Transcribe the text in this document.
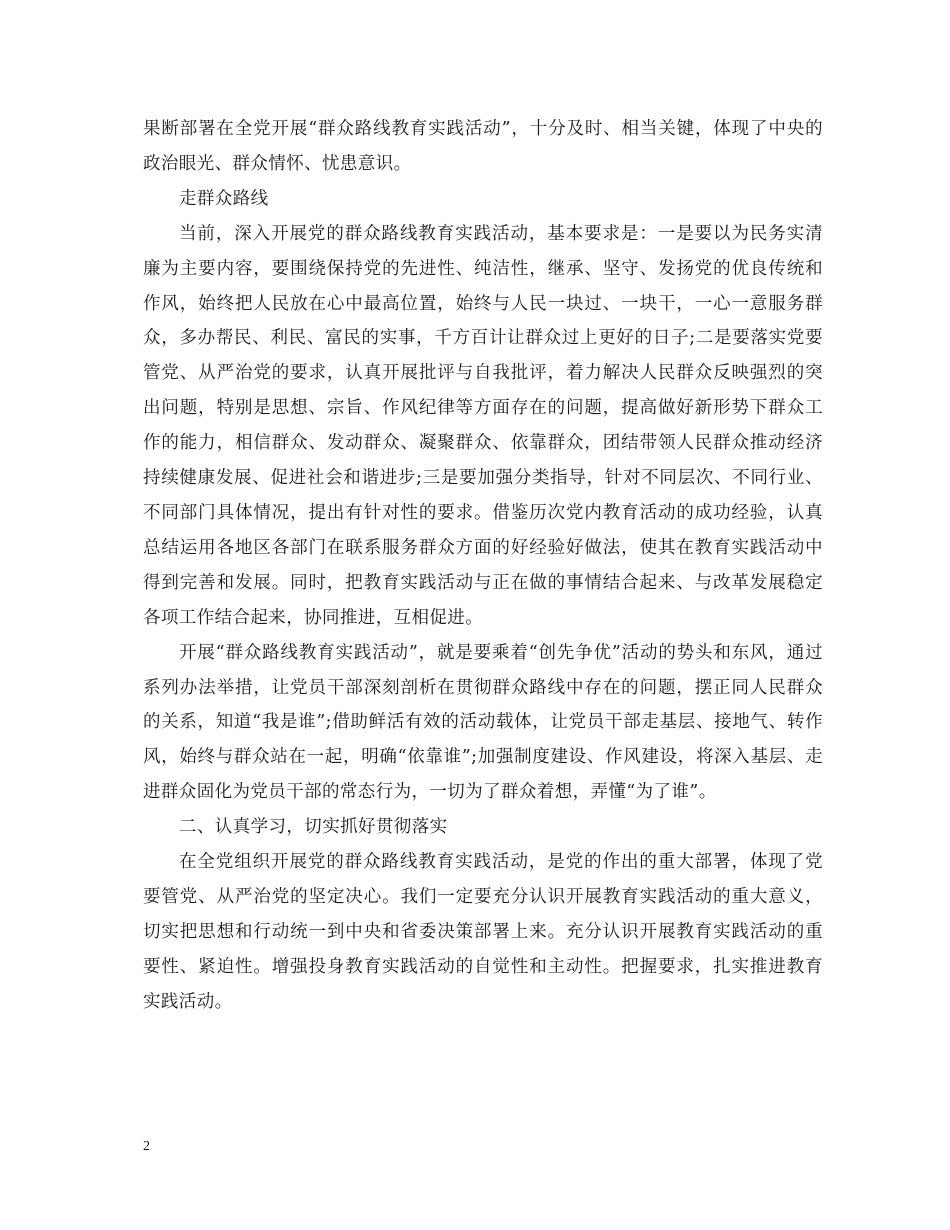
果断部署在全党开展“群众路线教育实践活动”，十分及时、相当关键，体现了中央的政治眼光、群众情怀、忧患意识。

走群众路线

当前，深入开展党的群众路线教育实践活动，基本要求是：一是要以为民务实清廉为主要内容，要围绕保持党的先进性、纯洁性，继承、坚守、发扬党的优良传统和作风，始终把人民放在心中最高位置，始终与人民一块过、一块干，一心一意服务群众，多办帮民、利民、富民的实事，千方百计让群众过上更好的日子;二是要落实党要管党、从严治党的要求，认真开展批评与自我批评，着力解决人民群众反映强烈的突出问题，特别是思想、宗旨、作风纪律等方面存在的问题，提高做好新形势下群众工作的能力，相信群众、发动群众、凝聚群众、依靠群众，团结带领人民群众推动经济持续健康发展、促进社会和谐进步;三是要加强分类指导，针对不同层次、不同行业、不同部门具体情况，提出有针对性的要求。借鉴历次党内教育活动的成功经验，认真总结运用各地区各部门在联系服务群众方面的好经验好做法，使其在教育实践活动中得到完善和发展。同时，把教育实践活动与正在做的事情结合起来、与改革发展稳定各项工作结合起来，协同推进，互相促进。

开展“群众路线教育实践活动”，就是要乘着“创先争优”活动的势头和东风，通过系列办法举措，让党员干部深刻剖析在贯彻群众路线中存在的问题，摆正同人民群众的关系，知道“我是谁”;借助鲜活有效的活动载体，让党员干部走基层、接地气、转作风，始终与群众站在一起，明确“依靠谁”;加强制度建设、作风建设，将深入基层、走进群众固化为党员干部的常态行为，一切为了群众着想，弄懂“为了谁”。

二、认真学习，切实抓好贯彻落实

在全党组织开展党的群众路线教育实践活动，是党的作出的重大部署，体现了党要管党、从严治党的坚定决心。我们一定要充分认识开展教育实践活动的重大意义，切实把思想和行动统一到中央和省委决策部署上来。充分认识开展教育实践活动的重要性、紧迫性。增强投身教育实践活动的自觉性和主动性。把握要求，扎实推进教育实践活动。

2
